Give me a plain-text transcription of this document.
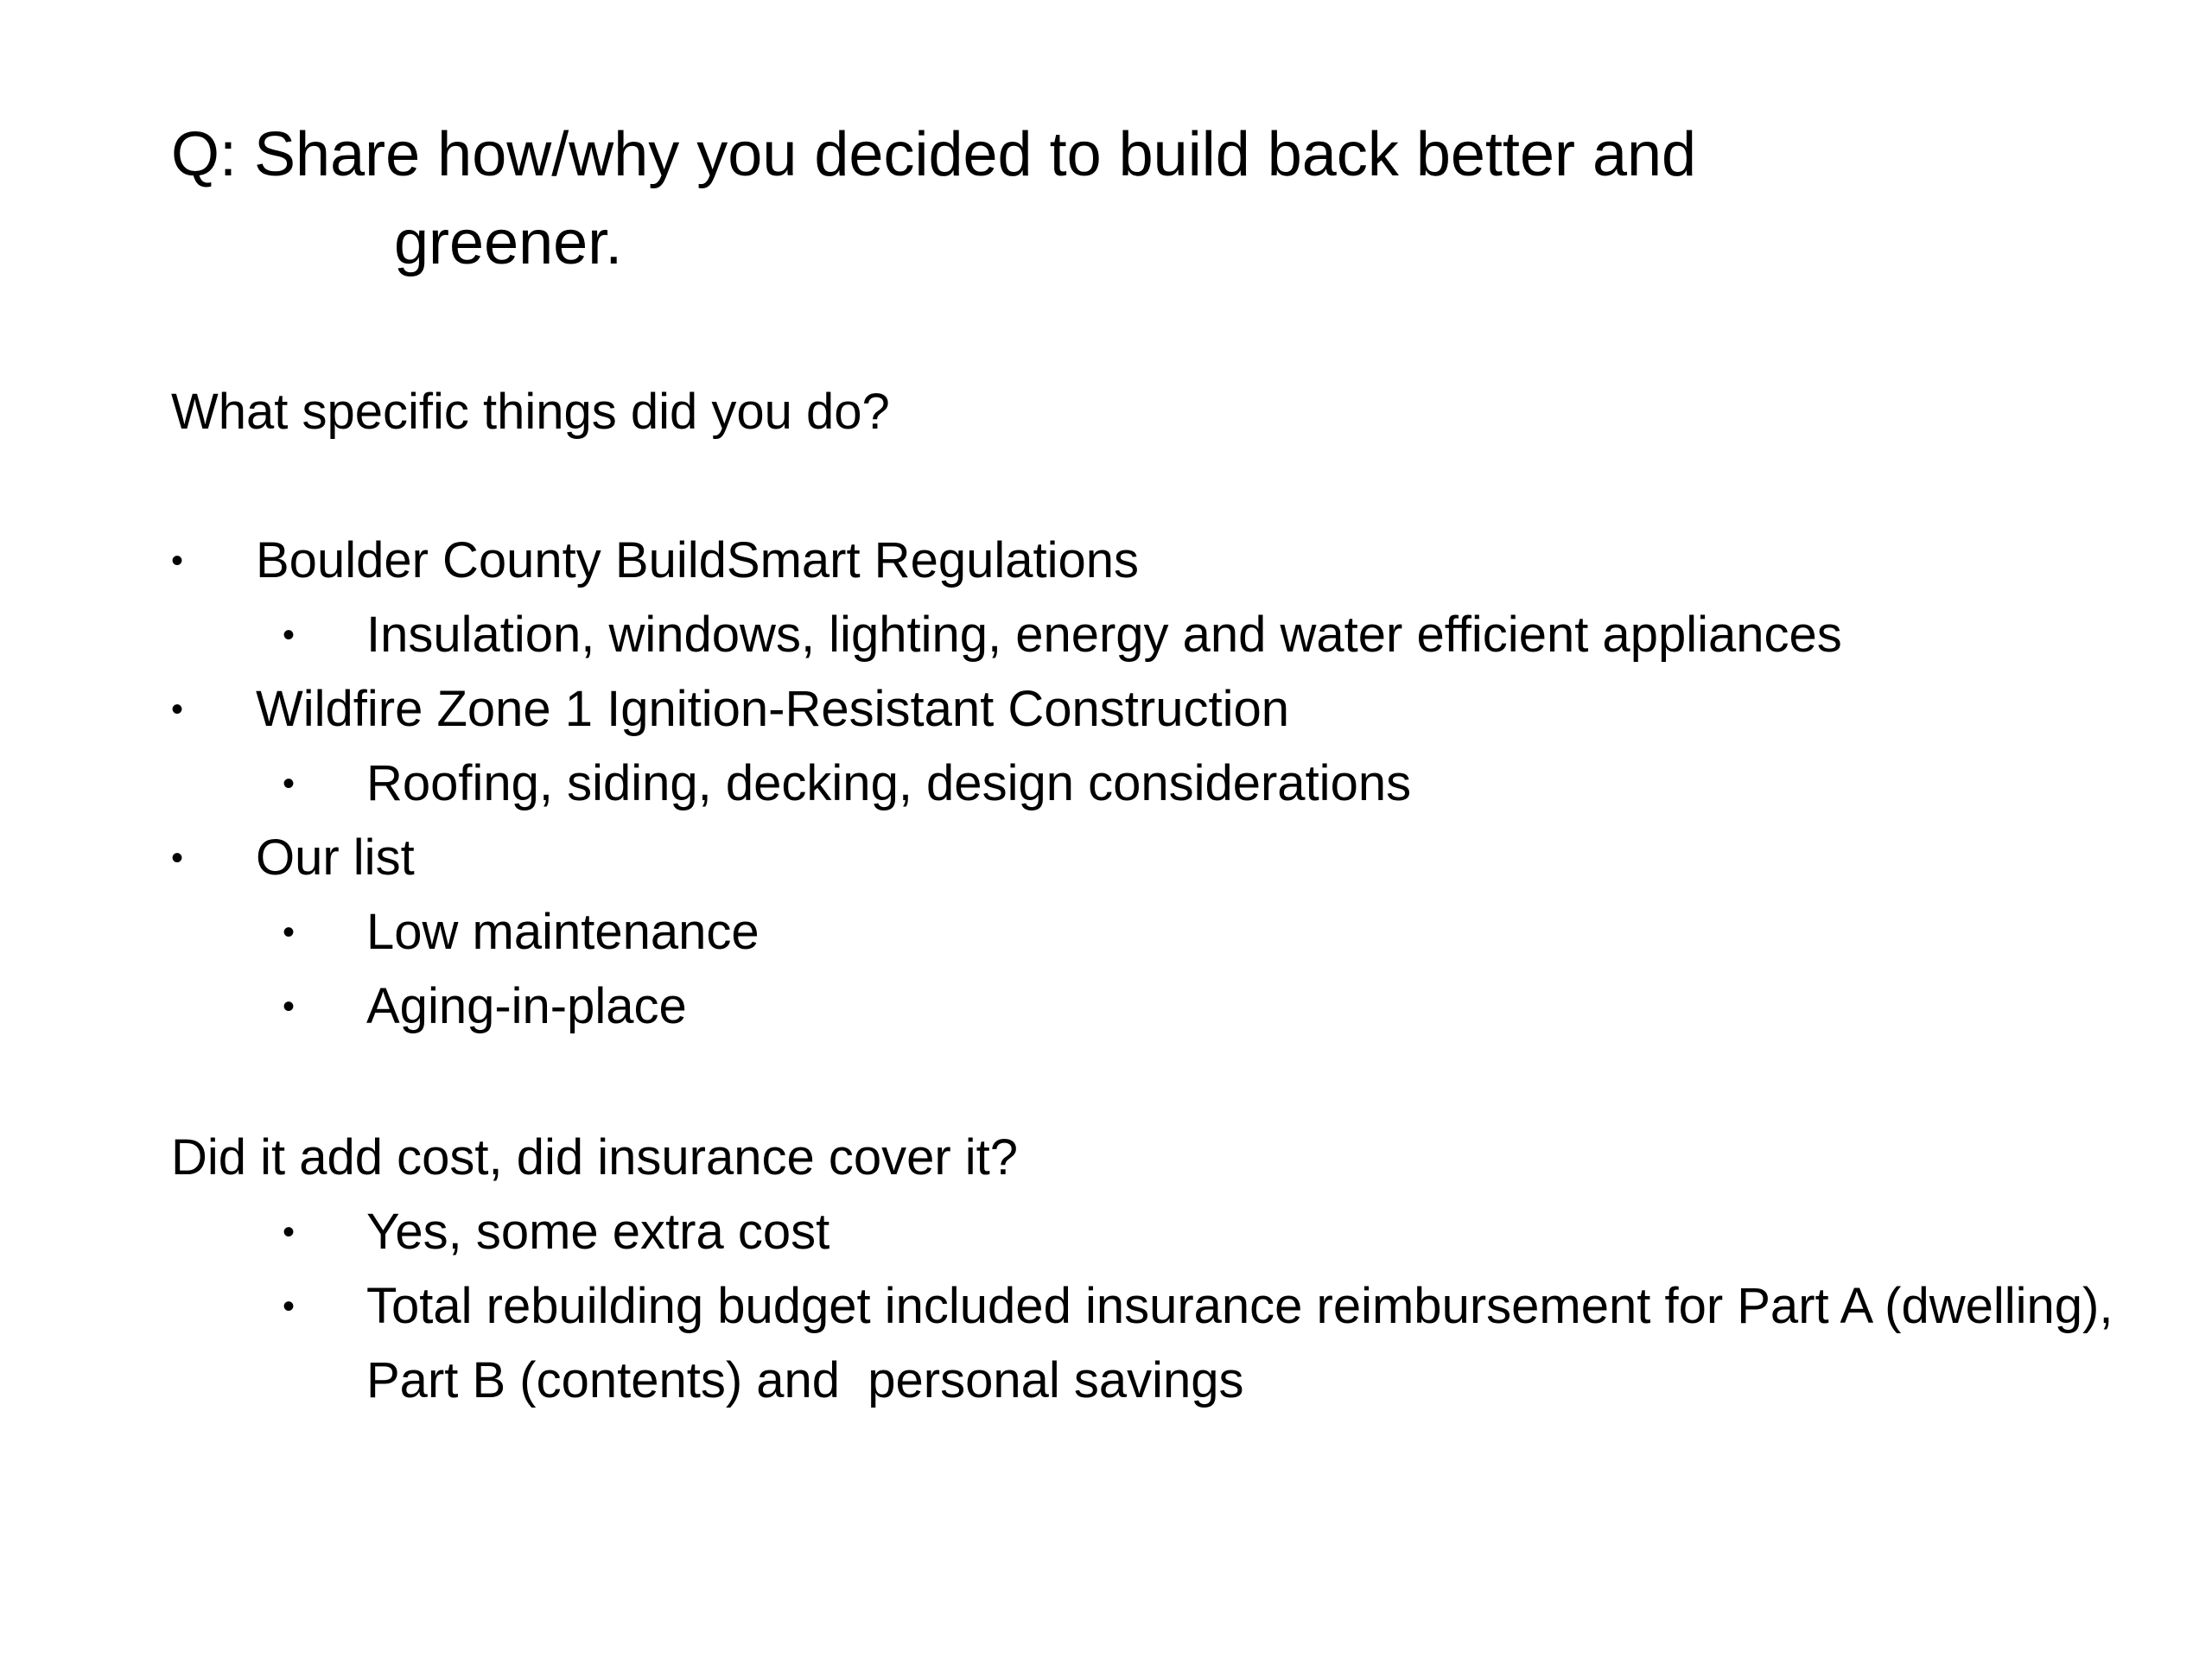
Q: Share how/why you decided to build back better and
greener.

What specific things did you do?

• Boulder County BuildSmart Regulations
• Insulation, windows, lighting, energy and water efficient appliances
• Wildfire Zone 1 Ignition-Resistant Construction
• Roofing, siding, decking, design considerations
• Our list
• Low maintenance
• Aging-in-place

Did it add cost, did insurance cover it?

• Yes, some extra cost
• Total rebuilding budget included insurance reimbursement for Part A (dwelling), Part B (contents) and  personal savings
